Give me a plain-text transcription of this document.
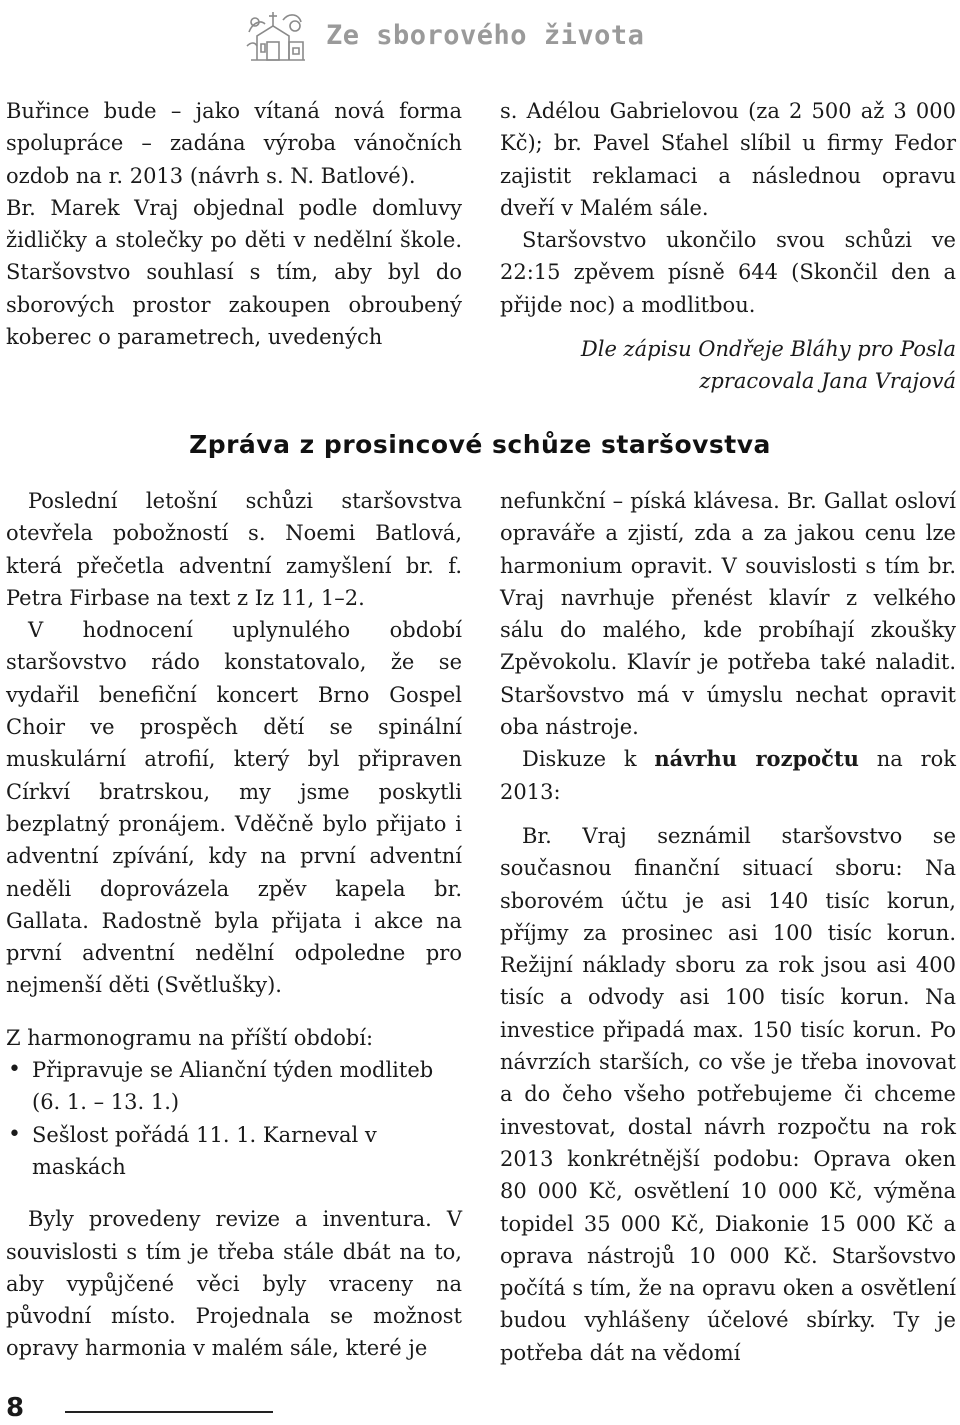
Ze sborového života

Buřince bude – jako vítaná nová forma spolupráce – zadána výroba vánočních ozdob na r. 2013 (návrh s. N. Batlové).

Br. Marek Vraj objednal podle domluvy židličky a stolečky po děti v nedělní škole. Staršovstvo souhlasí s tím, aby byl do sborových prostor zakoupen obroubený koberec o parametrech, uvedených

s. Adélou Gabrielovou (za 2 500 až 3 000 Kč); br. Pavel Sťahel slíbil u firmy Fedor zajistit reklamaci a následnou opravu dveří v Malém sále.

Staršovstvo ukončilo svou schůzi ve 22:15 zpěvem písně 644 (Skončil den a přijde noc) a modlitbou.

Dle zápisu Ondřeje Bláhy pro Posla
zpracovala Jana Vrajová
Zpráva z prosincové schůze staršovstva

Poslední letošní schůzi staršovstva otevřela pobožností s. Noemi Batlová, která přečetla adventní zamyšlení br. f. Petra Firbase na text z Iz 11, 1–2.

V hodnocení uplynulého období staršovstvo rádo konstatovalo, že se vydařil benefiční koncert Brno Gospel Choir ve prospěch dětí se spinální muskulární atrofií, který byl připraven Církví bratrskou, my jsme poskytli bezplatný pronájem. Vděčně bylo přijato i adventní zpívání, kdy na první adventní neděli doprovázela zpěv kapela br. Gallata. Radostně byla přijata i akce na první adventní nedělní odpoledne pro nejmenší děti (Světlušky).

Z harmonogramu na příští období:

• Připravuje se Alianční týden modliteb (6. 1. – 13. 1.)
• Sešlost pořádá 11. 1. Karneval v maskách

Byly provedeny revize a inventura. V souvislosti s tím je třeba stále dbát na to, aby vypůjčené věci byly vraceny na původní místo. Projednala se možnost opravy harmonia v malém sále, které je

nefunkční – píská klávesa. Br. Gallat osloví opraváře a zjistí, zda a za jakou cenu lze harmonium opravit. V souvislosti s tím br. Vraj navrhuje přenést klavír z velkého sálu do malého, kde probíhají zkoušky Zpěvokolu. Klavír je potřeba také naladit. Staršovstvo má v úmyslu nechat opravit oba nástroje.

Diskuze k návrhu rozpočtu na rok 2013:

Br. Vraj seznámil staršovstvo se současnou finanční situací sboru: Na sborovém účtu je asi 140 tisíc korun, příjmy za prosinec asi 100 tisíc korun. Režijní náklady sboru za rok jsou asi 400 tisíc a odvody asi 100 tisíc korun. Na investice připadá max. 150 tisíc korun. Po návrzích starších, co vše je třeba inovovat a do čeho všeho potřebujeme či chceme investovat, dostal návrh rozpočtu na rok 2013 konkrétnější podobu: Oprava oken 80 000 Kč, osvětlení 10 000 Kč, výměna topidel 35 000 Kč, Diakonie 15 000 Kč a oprava nástrojů 10 000 Kč. Staršovstvo počítá s tím, že na opravu oken a osvětlení budou vyhlášeny účelové sbírky. Ty je potřeba dát na vědomí

8
